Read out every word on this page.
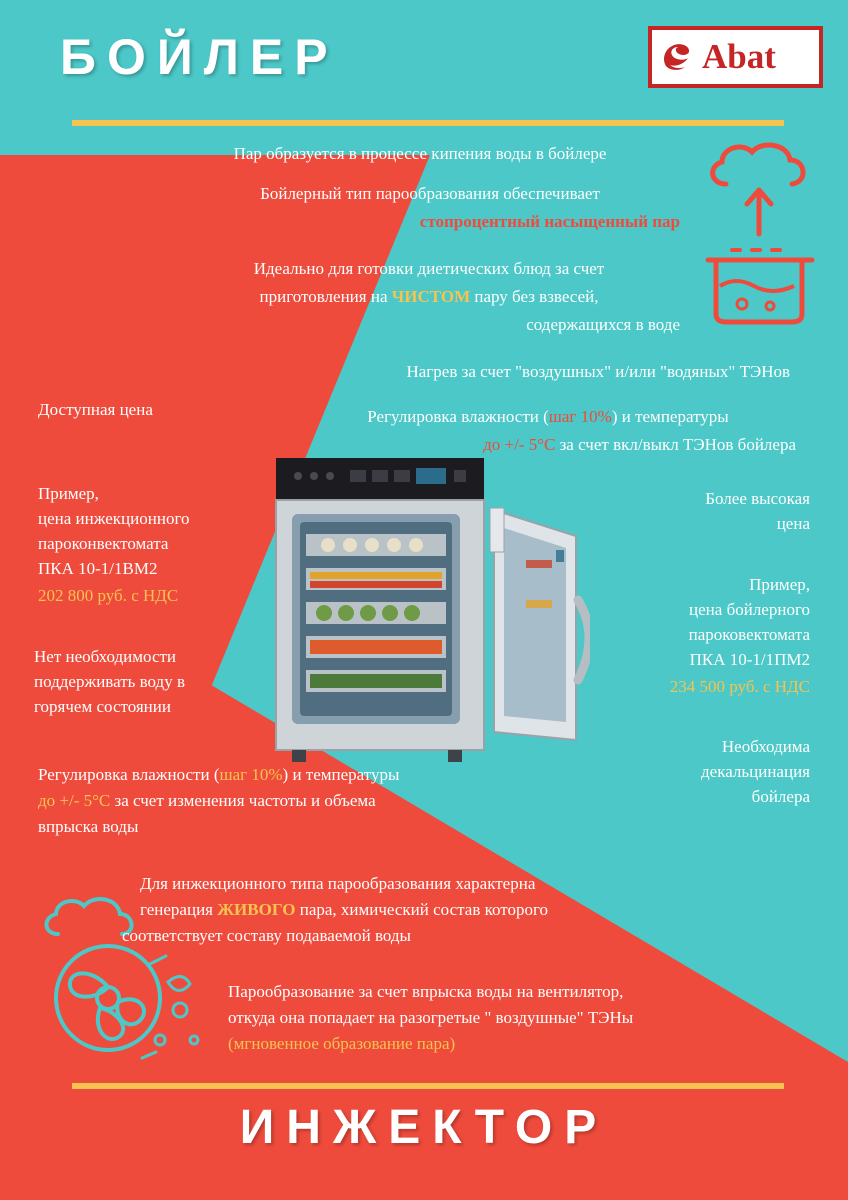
БОЙЛЕР	Abat
Пар образуется в процессе кипения воды в бойлере
Бойлерный тип парообразования обеспечивает
стопроцентный насыщенный пар
Идеально для готовки диетических блюд за счет
приготовления на ЧИСТОМ пару без взвесей,
содержащихся в воде
Нагрев за счет "воздушных" и/или "водяных" ТЭНов
Регулировка влажности (шаг 10%) и температуры
до +/- 5°C за счет вкл/выкл ТЭНов бойлера
Доступная цена
Пример,
цена инжекционного
пароконвектомата
ПКА 10-1/1ВМ2
202 800 руб. с НДС
Нет необходимости
поддерживать воду в
горячем состоянии
Регулировка влажности (шаг 10%) и температуры
до +/- 5°C за счет изменения частоты и объема
впрыска воды
Более высокая
цена
Пример,
цена бойлерного
пароковектомата
ПКА 10-1/1ПМ2
234 500 руб. с НДС
Необходима
декальцинация
бойлера
Для инжекционного типа парообразования характерна
генерация ЖИВОГО пара, химический состав которого
соответствует составу подаваемой воды
Парообразование за счет впрыска воды на вентилятор,
откуда она попадает на разогретые " воздушные" ТЭНы
(мгновенное образование пара)
ИНЖЕКТОР
